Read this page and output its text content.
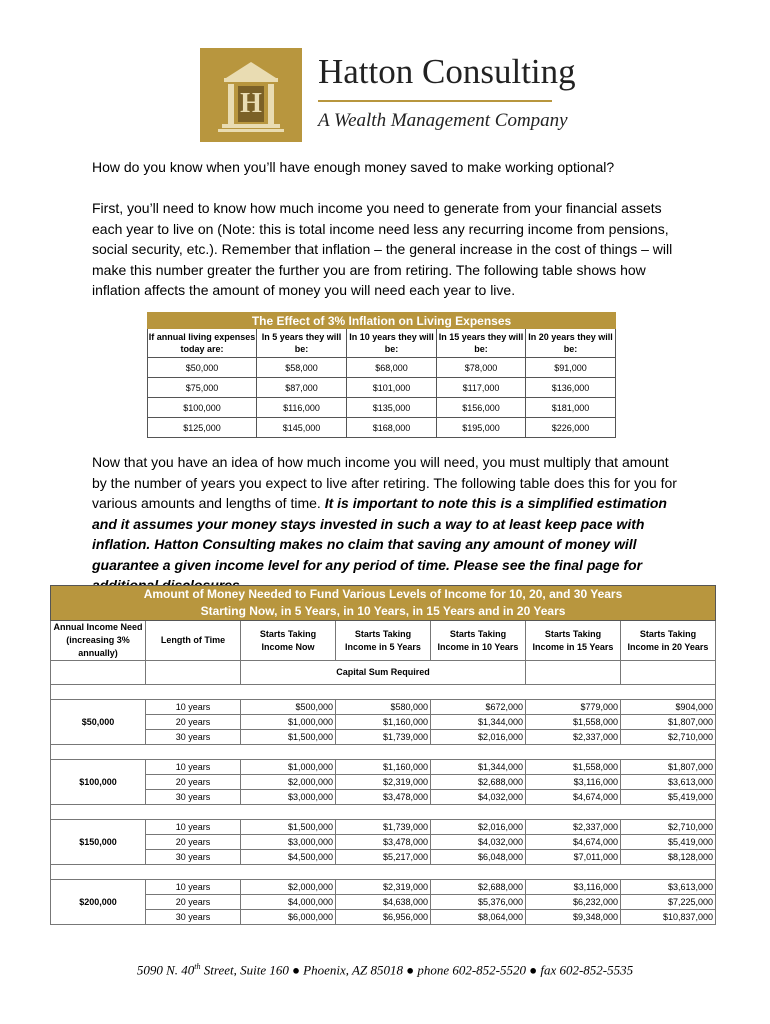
H
Hatton Consulting
A Wealth Management Company
How do you know when you’ll have enough money saved to make working optional?
First, you’ll need to know how much income you need to generate from your financial assets each year to live on (Note: this is total income need less any recurring income from pensions, social security, etc.). Remember that inflation – the general increase in the cost of things – will make this number greater the further you are from retiring. The following table shows how inflation affects the amount of money you will need each year to live.
The Effect of 3% Inflation on Living Expenses				
If annual living expenses today are:	In 5 years they will be:	In 10 years they will be:	In 15 years they will be:	In 20 years they will be:
$50,000	$58,000	$68,000	$78,000	$91,000
$75,000	$87,000	$101,000	$117,000	$136,000
$100,000	$116,000	$135,000	$156,000	$181,000
$125,000	$145,000	$168,000	$195,000	$226,000
Now that you have an idea of how much income you will need, you must multiply that amount by the number of years you expect to live after retiring. The following table does this for you for various amounts and lengths of time. It is important to note this is a simplified estimation and it assumes your money stays invested in such a way to at least keep pace with inflation. Hatton Consulting makes no claim that saving any amount of money will guarantee a given income level for any period of time. Please see the final page for
Amount of Money Needed to Fund Various Levels of Income for 10, 20, and 30 Years
Starting Now, in 5 Years, in 10 Years, in 15 Years and in 20 Years						
Annual Income Need (increasing 3% annually)	Length of Time	Starts Taking Income Now	Starts Taking Income in 5 Years	Starts Taking Income in 10 Years	Starts Taking Income in 15 Years	Starts Taking Income in 20 Years
		Capital Sum Required				

$50,000	10 years	$500,000	$580,000	$672,000	$779,000	$904,000
	20 years	$1,000,000	$1,160,000	$1,344,000	$1,558,000	$1,807,000
	30 years	$1,500,000	$1,739,000	$2,016,000	$2,337,000	$2,710,000

$100,000	10 years	$1,000,000	$1,160,000	$1,344,000	$1,558,000	$1,807,000
	20 years	$2,000,000	$2,319,000	$2,688,000	$3,116,000	$3,613,000
	30 years	$3,000,000	$3,478,000	$4,032,000	$4,674,000	$5,419,000

$150,000	10 years	$1,500,000	$1,739,000	$2,016,000	$2,337,000	$2,710,000
	20 years	$3,000,000	$3,478,000	$4,032,000	$4,674,000	$5,419,000
	30 years	$4,500,000	$5,217,000	$6,048,000	$7,011,000	$8,128,000

$200,000	10 years	$2,000,000	$2,319,000	$2,688,000	$3,116,000	$3,613,000
	20 years	$4,000,000	$4,638,000	$5,376,000	$6,232,000	$7,225,000
	30 years	$6,000,000	$6,956,000	$8,064,000	$9,348,000	$10,837,000
5090 N. 40th Street, Suite 160 ● Phoenix, AZ 85018 ● phone 602-852-5520 ● fax 602-852-5535
